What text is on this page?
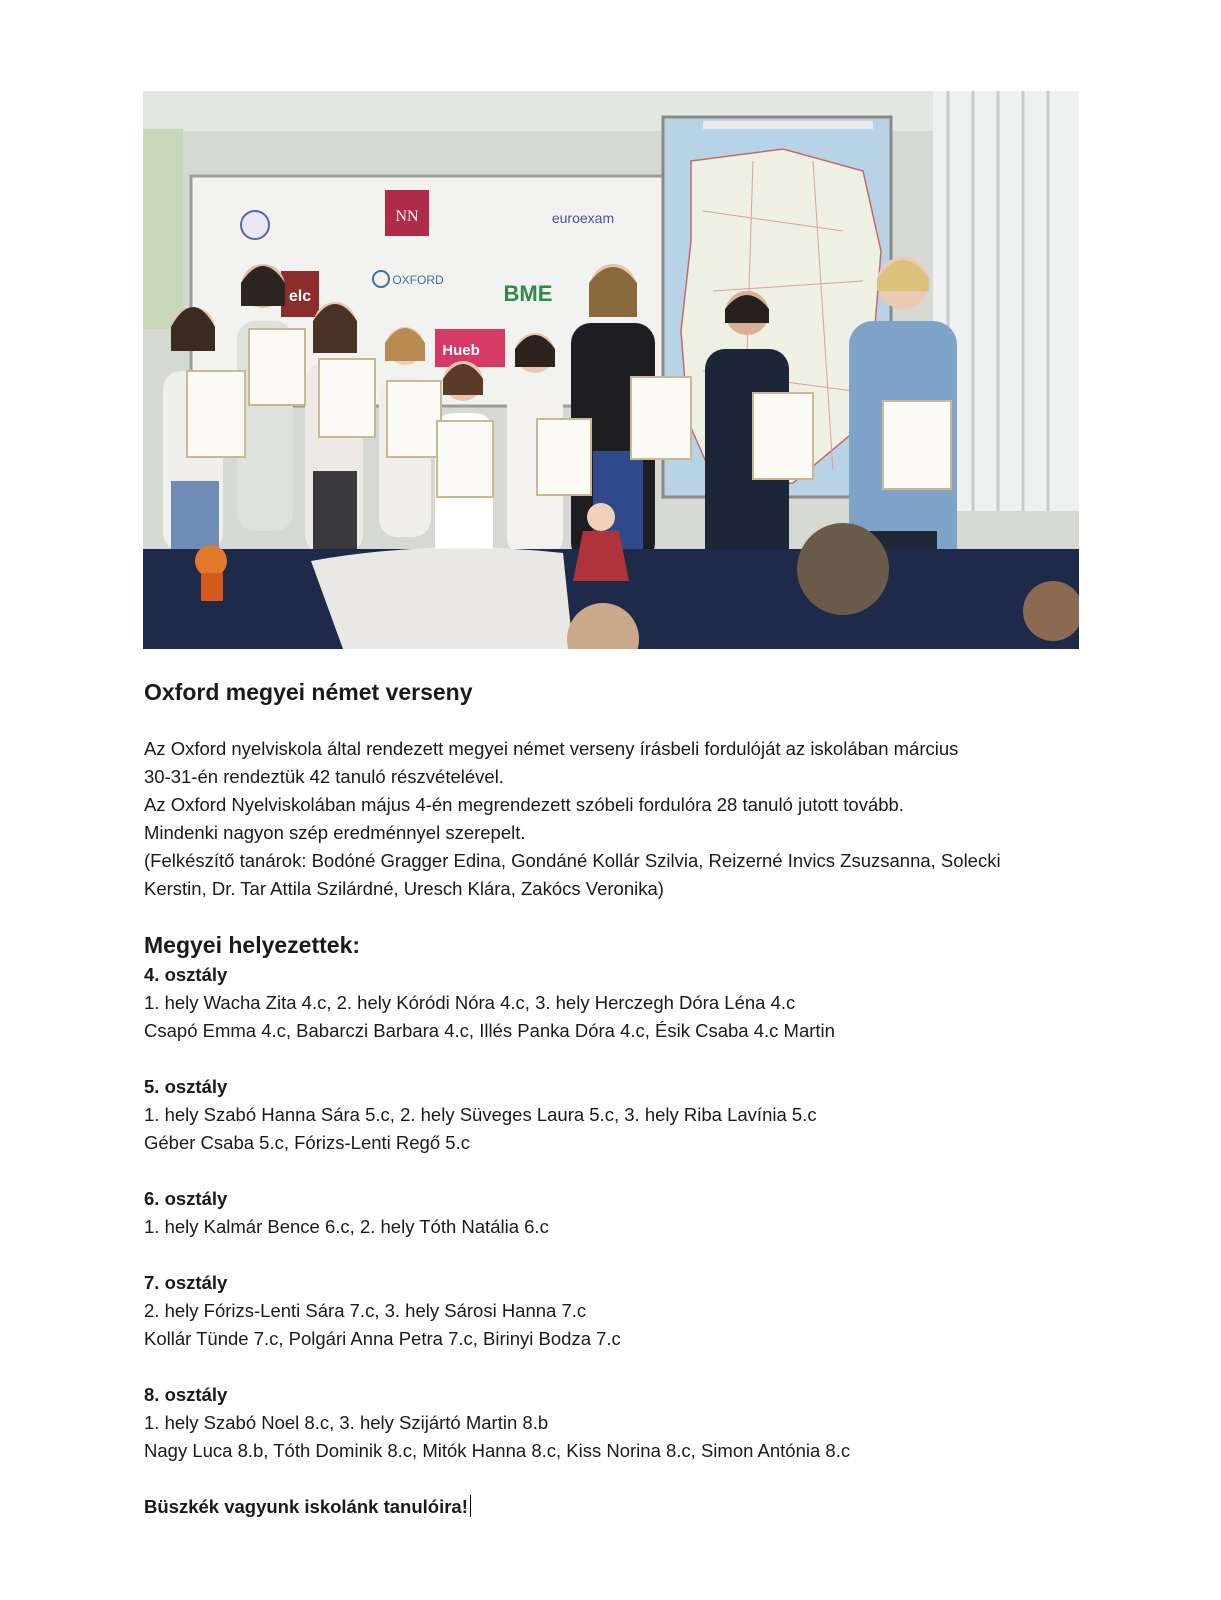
NN	euroexam
OXFORD
elc	BME
Hueb
Oxford megyei német verseny
Az Oxford nyelviskola által rendezett megyei német verseny írásbeli fordulóját az iskolában március
30-31-én rendeztük 42 tanuló részvételével.
Az Oxford Nyelviskolában május 4-én megrendezett szóbeli fordulóra 28 tanuló jutott tovább.
Mindenki nagyon szép eredménnyel szerepelt.
(Felkészítő tanárok: Bodóné Gragger Edina, Gondáné Kollár Szilvia, Reizerné Invics Zsuzsanna, Solecki
Kerstin, Dr. Tar Attila Szilárdné, Uresch Klára, Zakócs Veronika)
Megyei helyezettek:
4. osztály
1. hely Wacha Zita 4.c, 2. hely Kóródi Nóra 4.c, 3. hely Herczegh Dóra Léna 4.c
Csapó Emma 4.c, Babarczi Barbara 4.c, Illés Panka Dóra 4.c, Ésik Csaba 4.c Martin
5. osztály
1. hely Szabó Hanna Sára 5.c, 2. hely Süveges Laura 5.c, 3. hely Riba Lavínia 5.c
Géber Csaba 5.c, Fórizs-Lenti Regő 5.c
6. osztály
1. hely Kalmár Bence 6.c, 2. hely Tóth Natália 6.c
7. osztály
2. hely Fórizs-Lenti Sára 7.c, 3. hely Sárosi Hanna 7.c
Kollár Tünde 7.c, Polgári Anna Petra 7.c, Birinyi Bodza 7.c
8. osztály
1. hely Szabó Noel 8.c, 3. hely Szijártó Martin 8.b
Nagy Luca 8.b, Tóth Dominik 8.c, Mitók Hanna 8.c, Kiss Norina 8.c, Simon Antónia 8.c
Büszkék vagyunk iskolánk tanulóira!
